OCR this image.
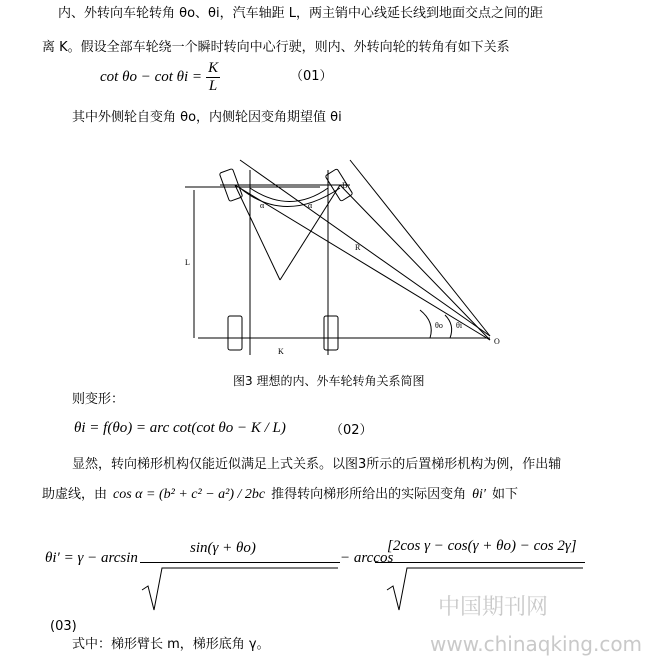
内、外转向车轮转角 θo、θi，汽车轴距 L，两主销中心线延长线到地面交点之间的距
离 K。假设全部车轮绕一个瞬时转向中心行驶，则内、外转向轮的转角有如下关系
$\cot \theta o - \cot \theta i = \frac{K}{L}$	（01）
其中外侧轮自变角 θo，内侧轮因变角期望值 θi
B
K
L
R
O
α	α
θo θi
图3 理想的内、外车轮转角关系简图
则变形：
θi = f(θo) = arc cot(cot θo − K / L)	（02）
显然，转向梯形机构仅能近似满足上式关系。以图3所示的后置梯形机构为例，作出辅
助虚线，由 cos α = (b² + c² − a²) / 2bc 推得转向梯形所给出的实际因变角 θi′ 如下
θi′ = γ − arcsin
sin(γ + θo)
− arccos
[2cos γ − cos(γ + θo) − cos 2γ]
(03)
式中：梯形臂长 m，梯形底角 γ。
中国期刊网
www.chinaqking.com
